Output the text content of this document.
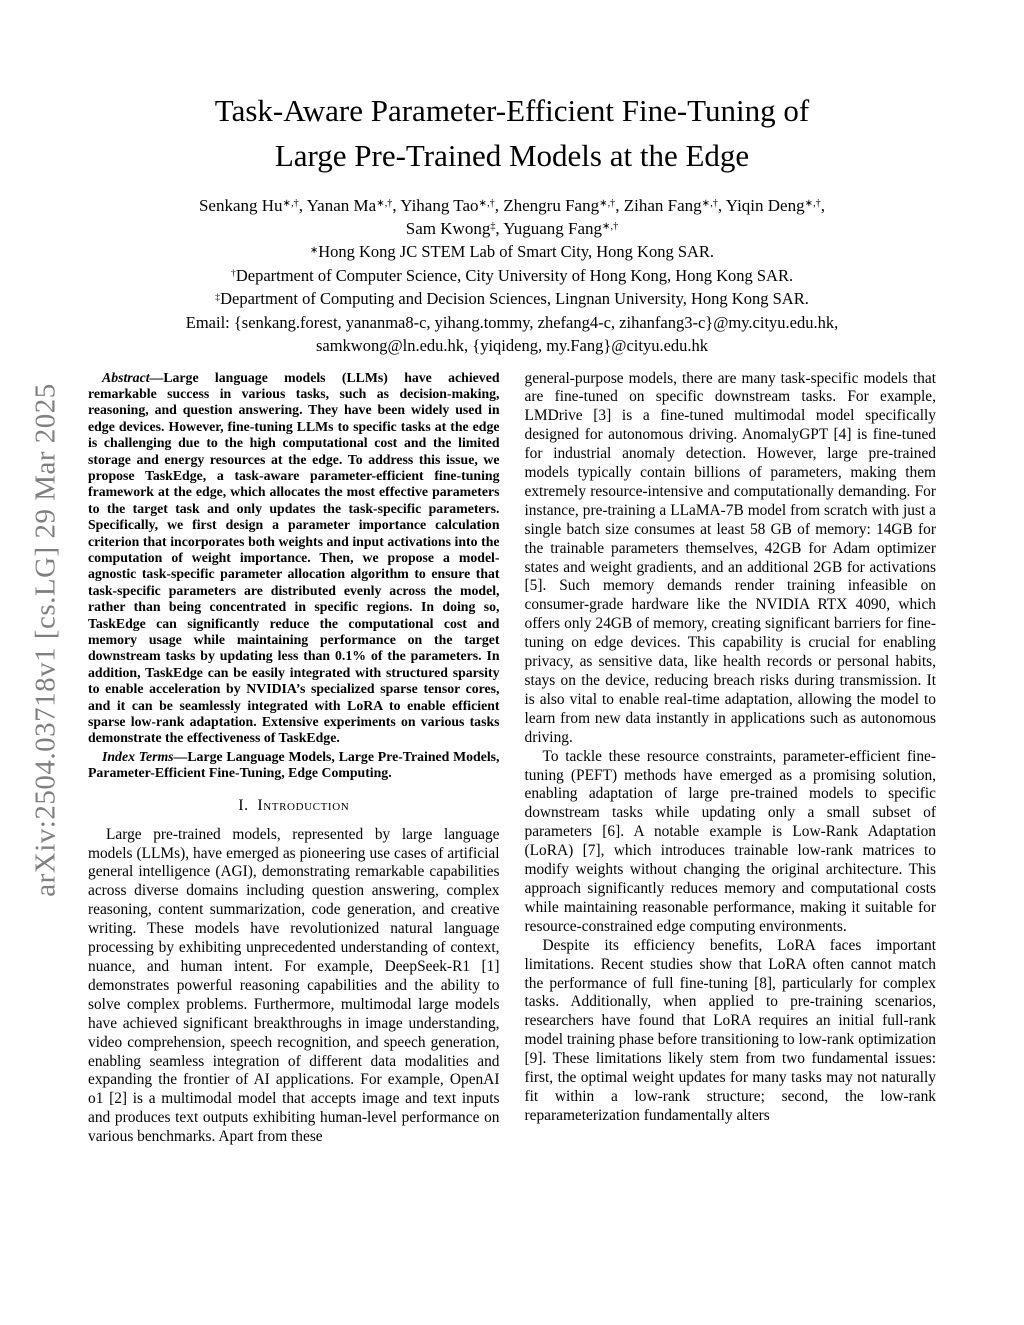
arXiv:2504.03718v1 [cs.LG] 29 Mar 2025
Task-Aware Parameter-Efficient Fine-Tuning of
Large Pre-Trained Models at the Edge
Senkang Hu∗,†, Yanan Ma∗,†, Yihang Tao∗,†, Zhengru Fang∗,†, Zihan Fang∗,†, Yiqin Deng∗,†,
Sam Kwong‡, Yuguang Fang∗,†
∗Hong Kong JC STEM Lab of Smart City, Hong Kong SAR.
†Department of Computer Science, City University of Hong Kong, Hong Kong SAR.
‡Department of Computing and Decision Sciences, Lingnan University, Hong Kong SAR.
Email: {senkang.forest, yananma8-c, yihang.tommy, zhefang4-c, zihanfang3-c}@my.cityu.edu.hk,
samkwong@ln.edu.hk, {yiqideng, my.Fang}@cityu.edu.hk

Abstract—Large language models (LLMs) have achieved remarkable success in various tasks, such as decision-making, reasoning, and question answering. They have been widely used in edge devices. However, fine-tuning LLMs to specific tasks at the edge is challenging due to the high computational cost and the limited storage and energy resources at the edge. To address this issue, we propose TaskEdge, a task-aware parameter-efficient fine-tuning framework at the edge, which allocates the most effective parameters to the target task and only updates the task-specific parameters. Specifically, we first design a parameter importance calculation criterion that incorporates both weights and input activations into the computation of weight importance. Then, we propose a model-agnostic task-specific parameter allocation algorithm to ensure that task-specific parameters are distributed evenly across the model, rather than being concentrated in specific regions. In doing so, TaskEdge can significantly reduce the computational cost and memory usage while maintaining performance on the target downstream tasks by updating less than 0.1% of the parameters. In addition, TaskEdge can be easily integrated with structured sparsity to enable acceleration by NVIDIA’s specialized sparse tensor cores, and it can be seamlessly integrated with LoRA to enable efficient sparse low-rank adaptation. Extensive experiments on various tasks demonstrate the effectiveness of TaskEdge.

Index Terms—Large Language Models, Large Pre-Trained Models, Parameter-Efficient Fine-Tuning, Edge Computing.

I. Introduction

Large pre-trained models, represented by large language models (LLMs), have emerged as pioneering use cases of artificial general intelligence (AGI), demonstrating remarkable capabilities across diverse domains including question answering, complex reasoning, content summarization, code generation, and creative writing. These models have revolutionized natural language processing by exhibiting unprecedented understanding of context, nuance, and human intent. For example, DeepSeek-R1 [1] demonstrates powerful reasoning capabilities and the ability to solve complex problems. Furthermore, multimodal large models have achieved significant breakthroughs in image understanding, video comprehension, speech recognition, and speech generation, enabling seamless integration of different data modalities and expanding the frontier of AI applications. For example, OpenAI o1 [2] is a multimodal model that accepts image and text inputs and produces text outputs exhibiting human-level performance on various benchmarks. Apart from these

general-purpose models, there are many task-specific models that are fine-tuned on specific downstream tasks. For example, LMDrive [3] is a fine-tuned multimodal model specifically designed for autonomous driving. AnomalyGPT [4] is fine-tuned for industrial anomaly detection. However, large pre-trained models typically contain billions of parameters, making them extremely resource-intensive and computationally demanding. For instance, pre-training a LLaMA-7B model from scratch with just a single batch size consumes at least 58 GB of memory: 14GB for the trainable parameters themselves, 42GB for Adam optimizer states and weight gradients, and an additional 2GB for activations [5]. Such memory demands render training infeasible on consumer-grade hardware like the NVIDIA RTX 4090, which offers only 24GB of memory, creating significant barriers for fine-tuning on edge devices. This capability is crucial for enabling privacy, as sensitive data, like health records or personal habits, stays on the device, reducing breach risks during transmission. It is also vital to enable real-time adaptation, allowing the model to learn from new data instantly in applications such as autonomous driving.

To tackle these resource constraints, parameter-efficient fine-tuning (PEFT) methods have emerged as a promising solution, enabling adaptation of large pre-trained models to specific downstream tasks while updating only a small subset of parameters [6]. A notable example is Low-Rank Adaptation (LoRA) [7], which introduces trainable low-rank matrices to modify weights without changing the original architecture. This approach significantly reduces memory and computational costs while maintaining reasonable performance, making it suitable for resource-constrained edge computing environments.

Despite its efficiency benefits, LoRA faces important limitations. Recent studies show that LoRA often cannot match the performance of full fine-tuning [8], particularly for complex tasks. Additionally, when applied to pre-training scenarios, researchers have found that LoRA requires an initial full-rank model training phase before transitioning to low-rank optimization [9]. These limitations likely stem from two fundamental issues: first, the optimal weight updates for many tasks may not naturally fit within a low-rank structure; second, the low-rank reparameterization fundamentally alters
